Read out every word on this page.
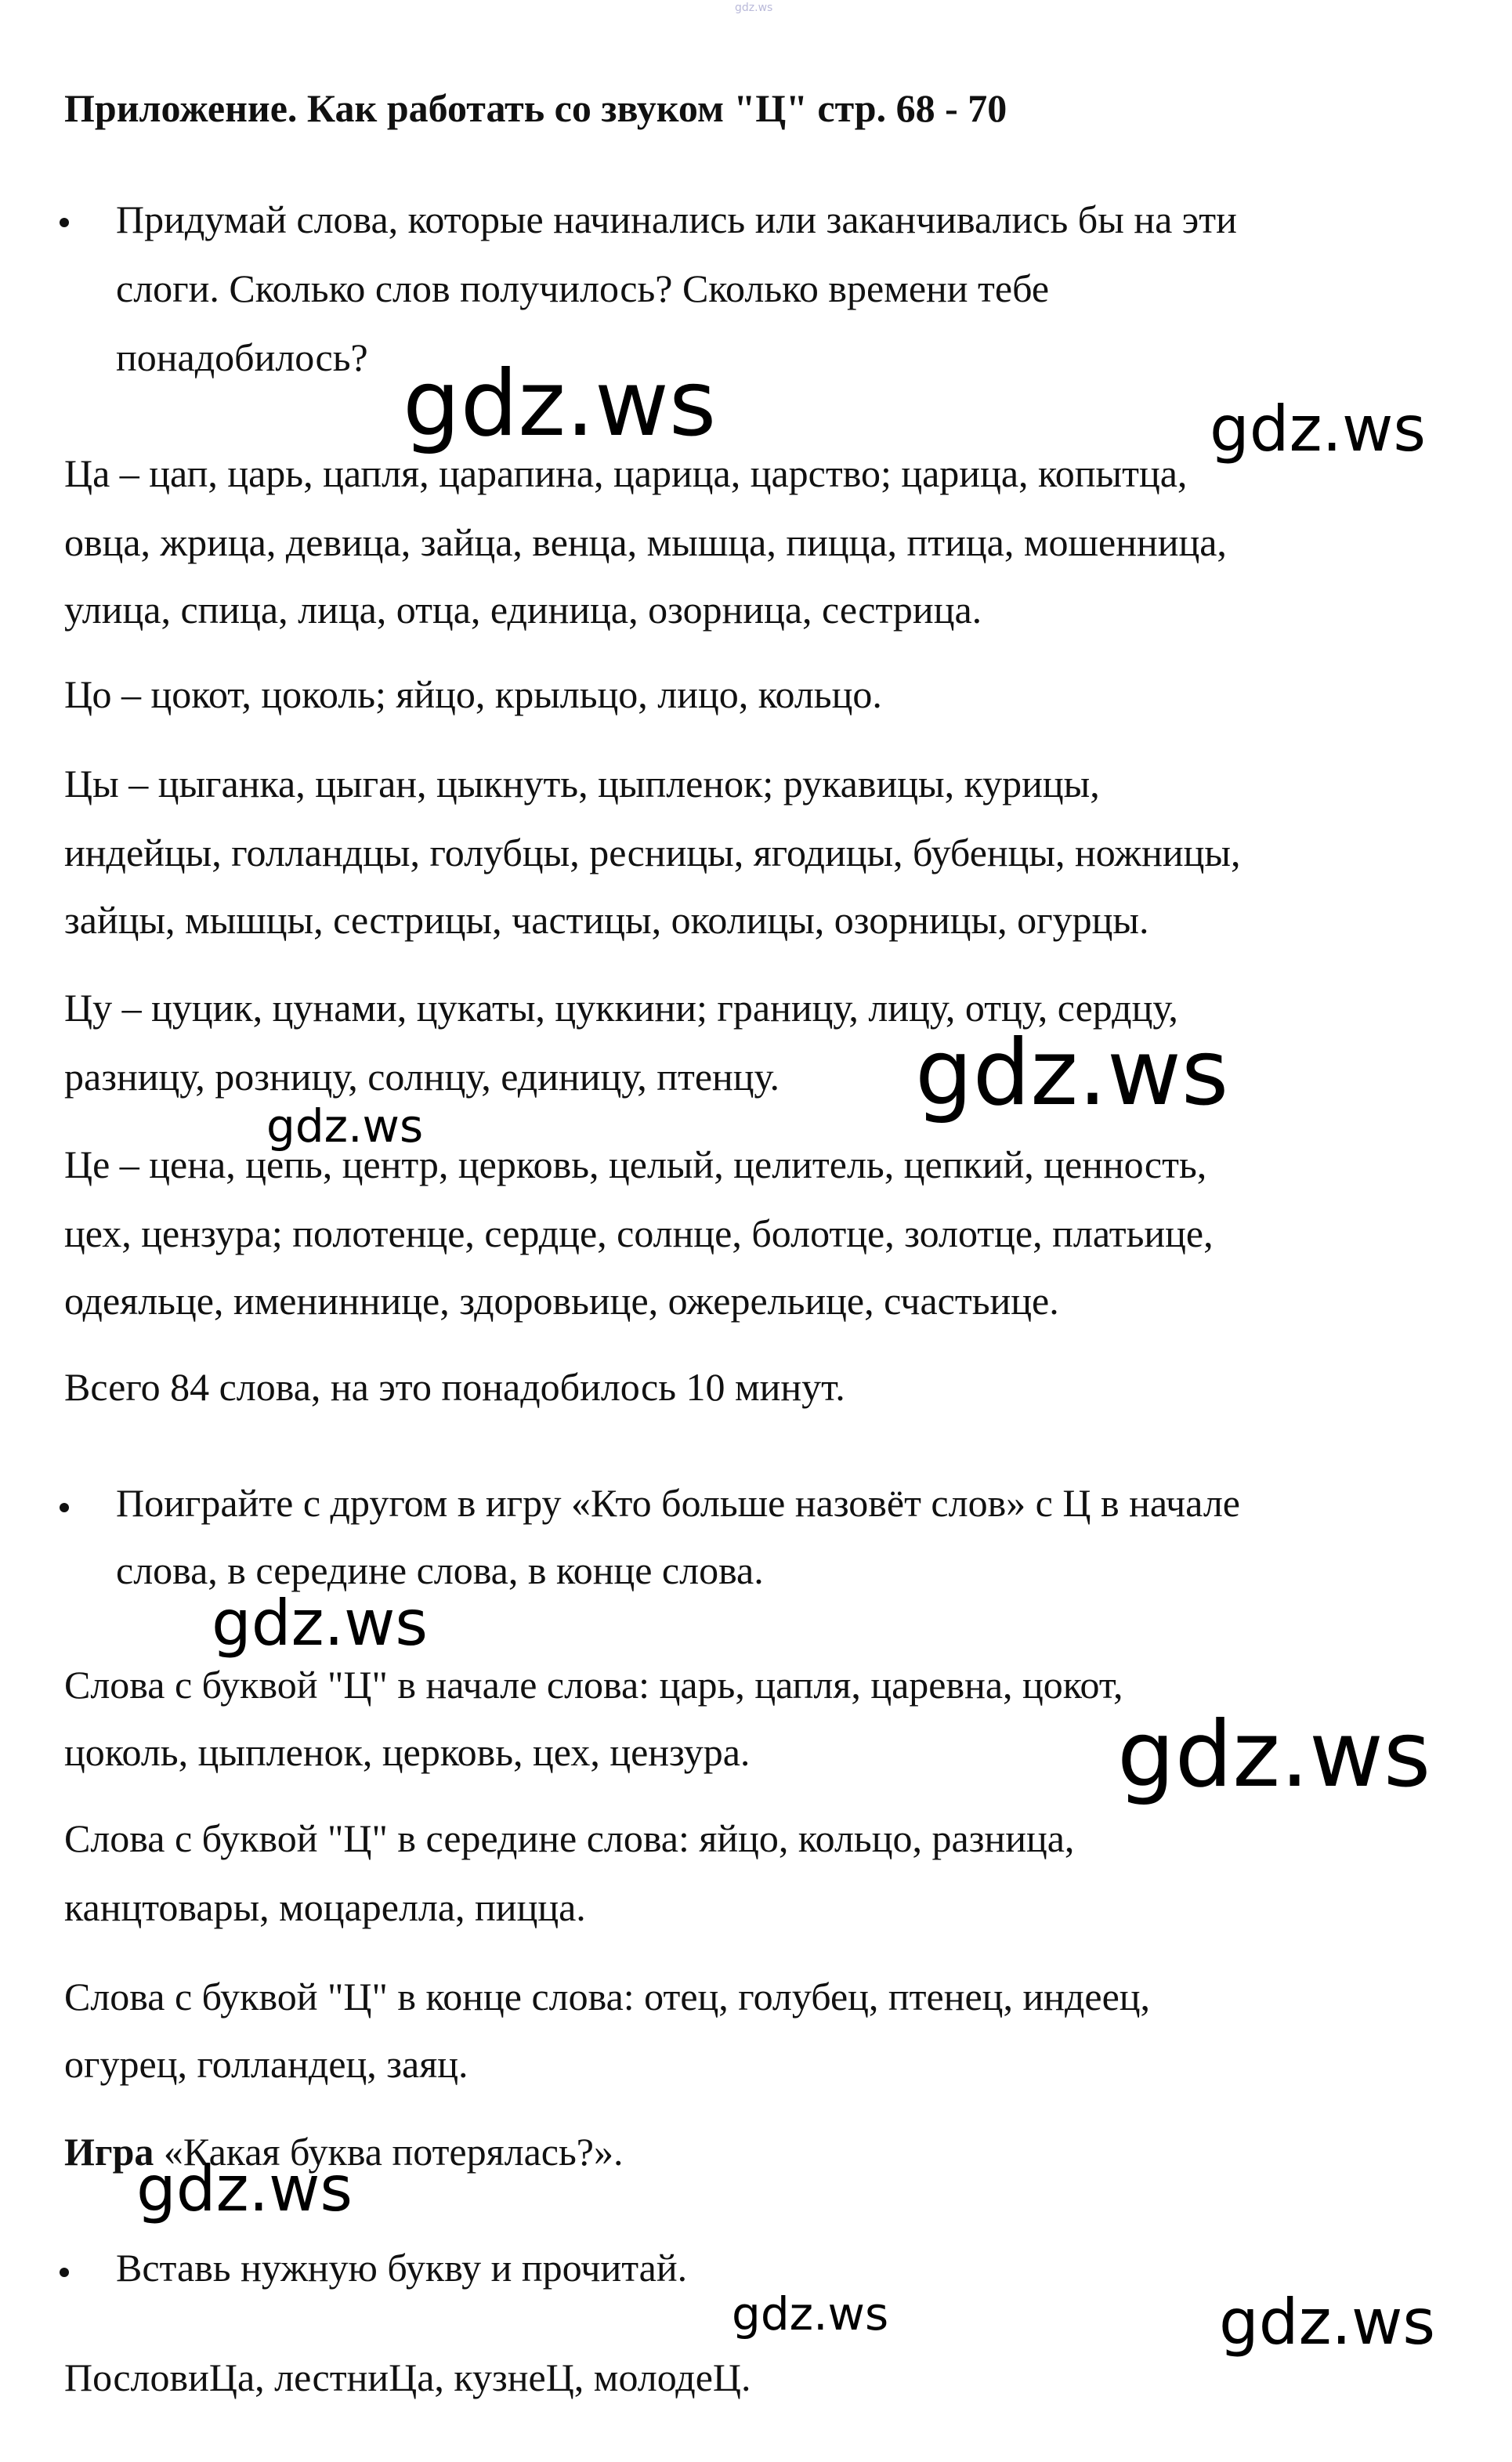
gdz.ws

Приложение. Как работать со звуком "Ц" стр. 68 - 70

Придумай слова, которые начинались или заканчивались бы на эти

слоги. Сколько слов получилось? Сколько времени тебе

понадобилось?

Ца – цап, царь, цапля, царапина, царица, царство; царица, копытца,

овца, жрица, девица, зайца, венца, мышца, пицца, птица, мошенница,

улица, спица, лица, отца, единица, озорница, сестрица.

Цо – цокот, цоколь; яйцо, крыльцо, лицо, кольцо.

Цы – цыганка, цыган, цыкнуть, цыпленок; рукавицы, курицы,

индейцы, голландцы, голубцы, ресницы, ягодицы, бубенцы, ножницы,

зайцы, мышцы, сестрицы, частицы, околицы, озорницы, огурцы.

Цу – цуцик, цунами, цукаты, цуккини; границу, лицу, отцу, сердцу,

разницу, розницу, солнцу, единицу, птенцу.

Це – цена, цепь, центр, церковь, целый, целитель, цепкий, ценность,

цех, цензура; полотенце, сердце, солнце, болотце, золотце, платьице,

одеяльце, имениннице, здоровьице, ожерельице, счастьице.

Всего 84 слова, на это понадобилось 10 минут.

Поиграйте с другом в игру «Кто больше назовёт слов» с Ц в начале

слова, в середине слова, в конце слова.

Слова с буквой "Ц" в начале слова: царь, цапля, царевна, цокот,

цоколь, цыпленок, церковь, цех, цензура.

Слова с буквой "Ц" в середине слова: яйцо, кольцо, разница,

канцтовары, моцарелла, пицца.

Слова с буквой "Ц" в конце слова: отец, голубец, птенец, индеец,

огурец, голландец, заяц.

Игра «Какая буква потерялась?».

Вставь нужную букву и прочитай.

ПословиЦа, лестниЦа, кузнеЦ, молодеЦ.

gdz.ws	gdz.ws
gdz.ws
gdz.ws
gdz.ws
gdz.ws
gdz.ws
gdz.ws	gdz.ws
